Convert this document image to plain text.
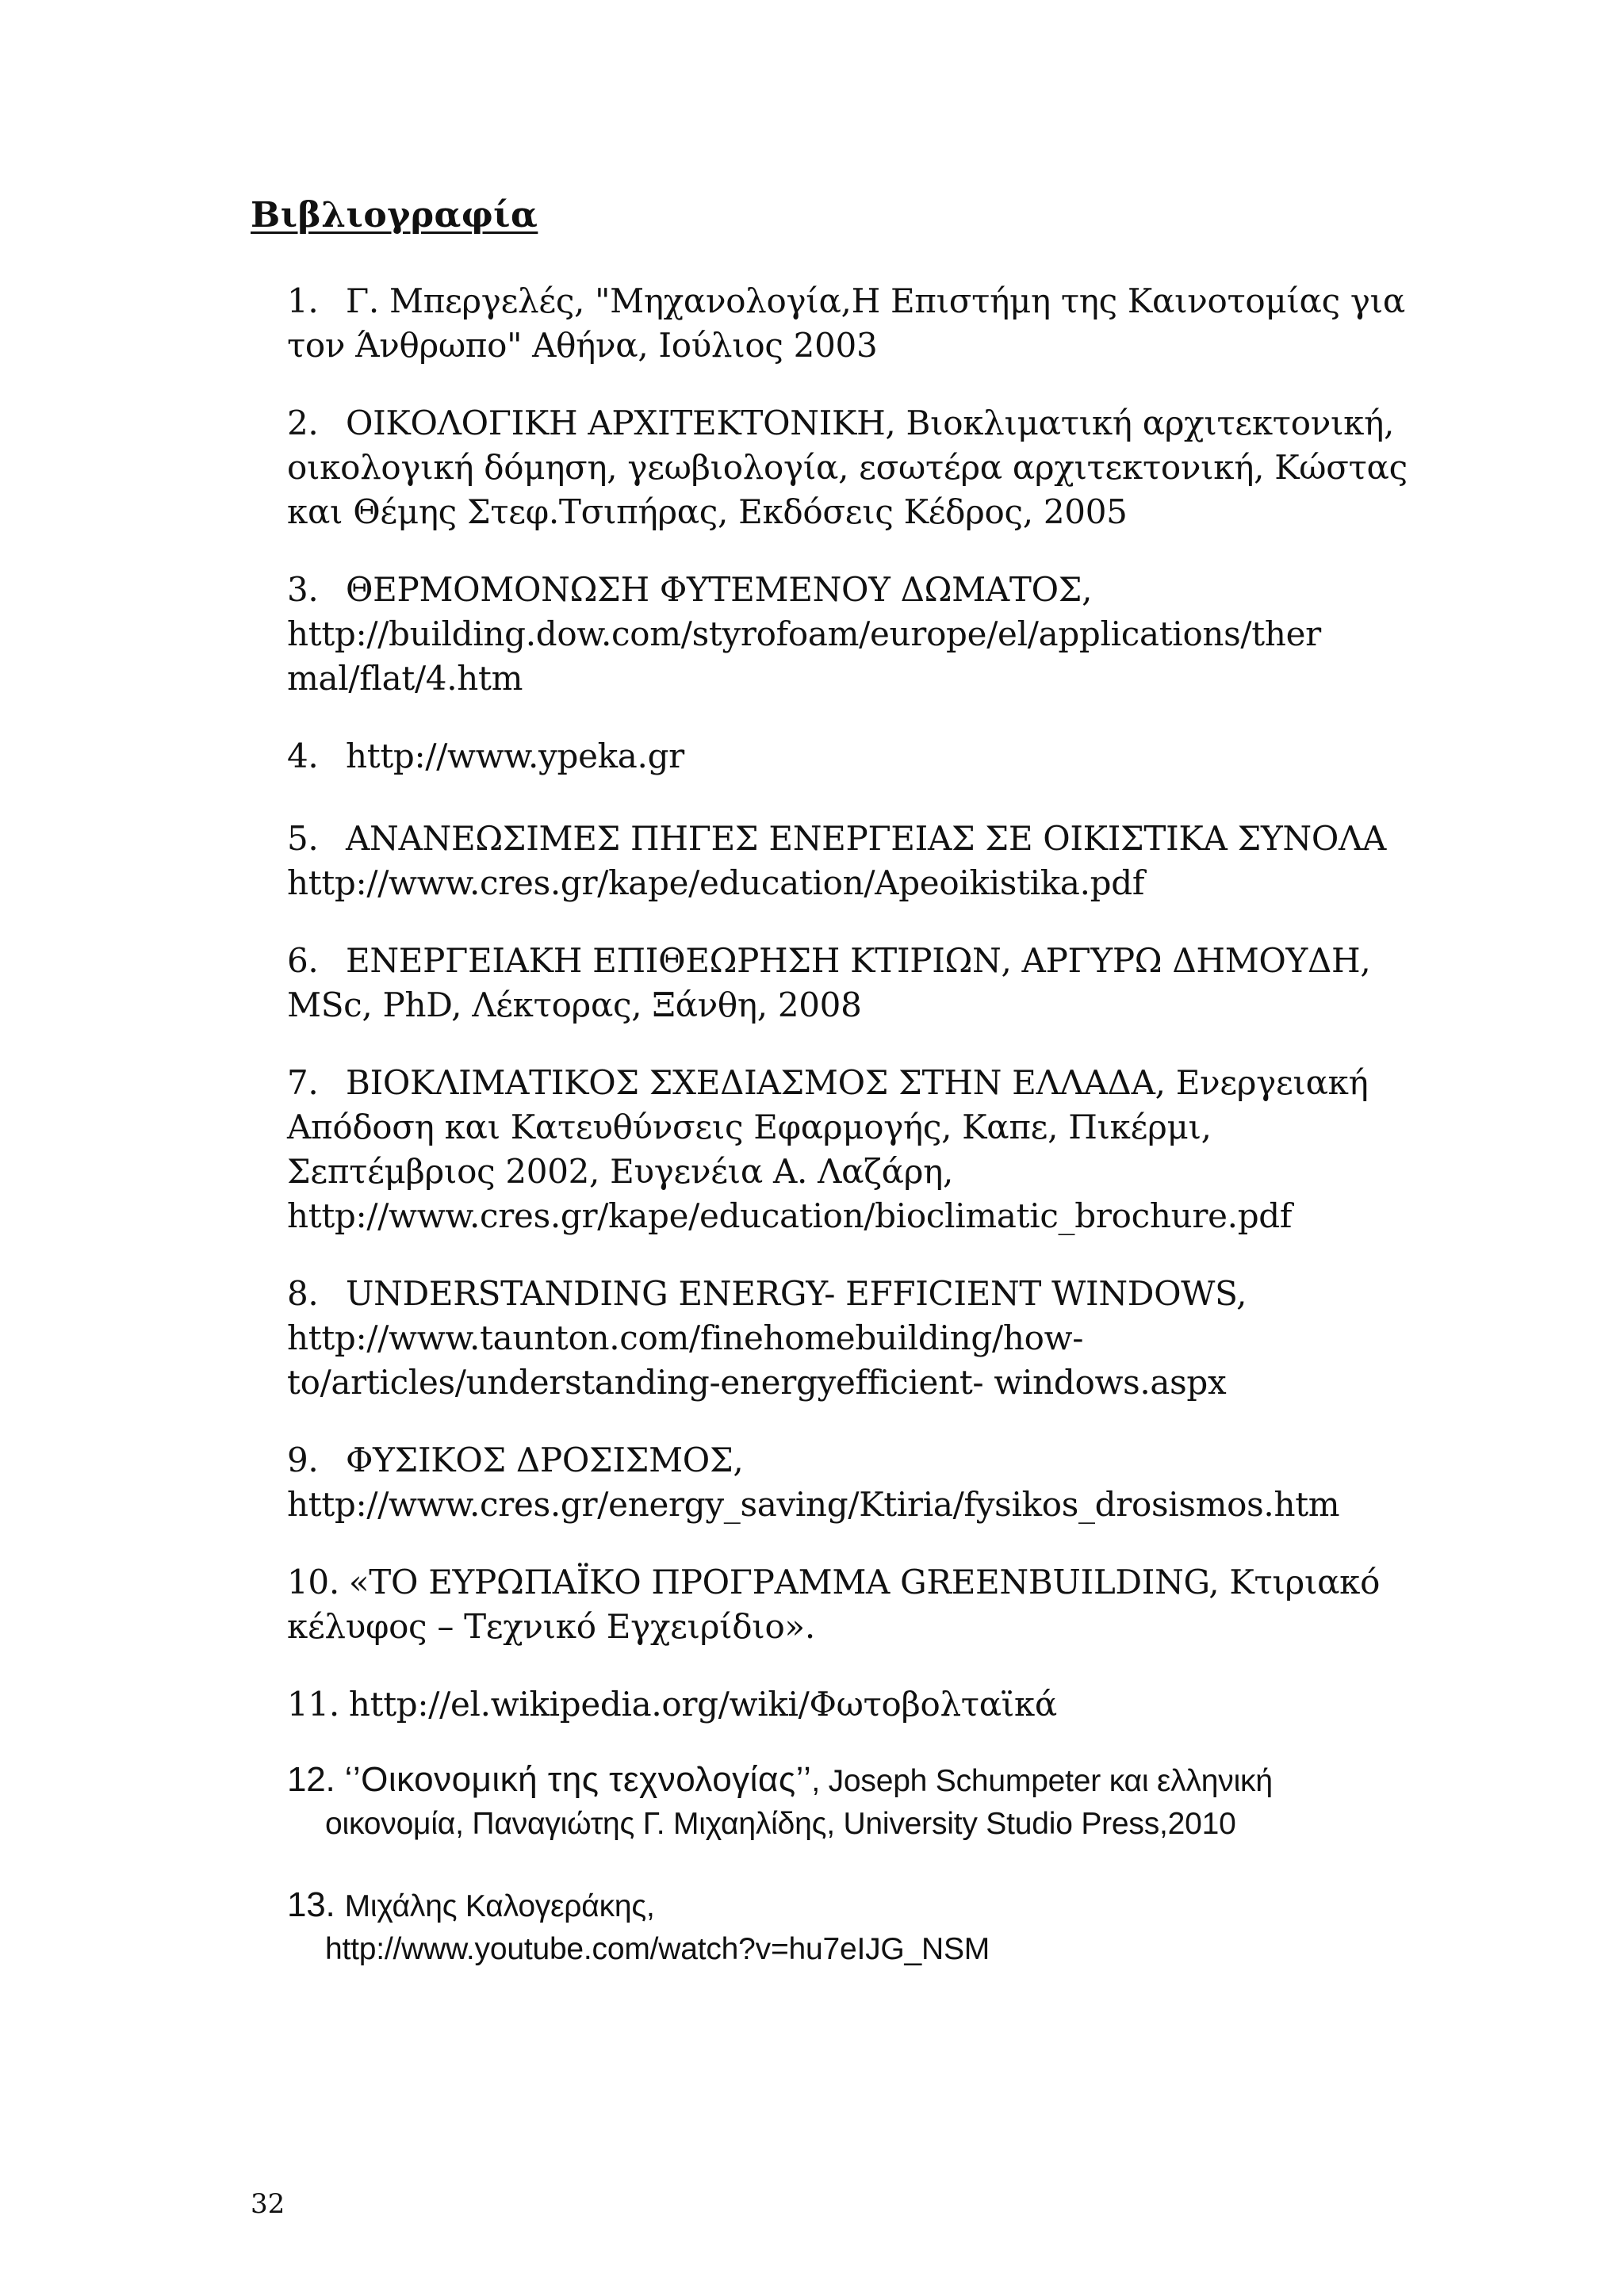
Βιβλιογραφία
1. Γ. Μπεργελές, "Μηχανολογία,Η Επιστήμη της Καινοτομίας για
τον Άνθρωπο" Αθήνα, Ιούλιος 2003
2. ΟΙΚΟΛΟΓΙΚΗ ΑΡΧΙΤΕΚΤΟΝΙΚΗ, Βιοκλιματική αρχιτεκτονική,
οικολογική δόμηση, γεωβιολογία, εσωτέρα αρχιτεκτονική, Κώστας
και Θέμης Στεφ.Τσιπήρας, Εκδόσεις Κέδρος, 2005
3. ΘΕΡΜΟΜΟΝΩΣΗ ΦΥΤΕΜΕΝΟΥ ΔΩΜΑΤΟΣ,
http://building.dow.com/styrofoam/europe/el/applications/ther
mal/flat/4.htm
4. http://www.ypeka.gr
5. ΑΝΑΝΕΩΣΙΜΕΣ ΠΗΓΕΣ ΕΝΕΡΓΕΙΑΣ ΣΕ ΟΙΚΙΣΤΙΚΑ ΣΥΝΟΛΑ
http://www.cres.gr/kape/education/Apeoikistika.pdf
6. ΕΝΕΡΓΕΙΑΚΗ ΕΠΙΘΕΩΡΗΣΗ ΚΤΙΡΙΩΝ, ΑΡΓΥΡΩ ΔΗΜΟΥΔΗ,
MSc, PhD, Λέκτορας, Ξάνθη, 2008
7. ΒΙΟΚΛΙΜΑΤΙΚΟΣ ΣΧΕΔΙΑΣΜΟΣ ΣΤΗΝ ΕΛΛΑΔΑ, Ενεργειακή
Απόδοση και Κατευθύνσεις Εφαρμογής, Καπε, Πικέρμι,
Σεπτέμβριος 2002, Ευγενέια Α. Λαζάρη,
http://www.cres.gr/kape/education/bioclimatic_brochure.pdf
8. UNDERSTANDING ENERGY- EFFICIENT WINDOWS,
http://www.taunton.com/finehomebuilding/how-
to/articles/understanding-energyefficient- windows.aspx
9. ΦΥΣΙΚΟΣ ΔΡΟΣΙΣΜΟΣ,
http://www.cres.gr/energy_saving/Ktiria/fysikos_drosismos.htm
10. «ΤΟ ΕΥΡΩΠΑΪΚΟ ΠΡΟΓΡΑΜΜΑ GREENBUILDING, Κτιριακό
κέλυφος – Τεχνικό Εγχειρίδιο».
11. http://el.wikipedia.org/wiki/Φωτοβολταϊκά
12. ‘’Οικονομική της τεχνολογίας’’, Joseph Schumpeter και ελληνική
οικονομία, Παναγιώτης Γ. Μιχαηλίδης, University Studio Press,2010
13. Μιχάλης Καλογεράκης,
http://www.youtube.com/watch?v=hu7eIJG_NSM
32
